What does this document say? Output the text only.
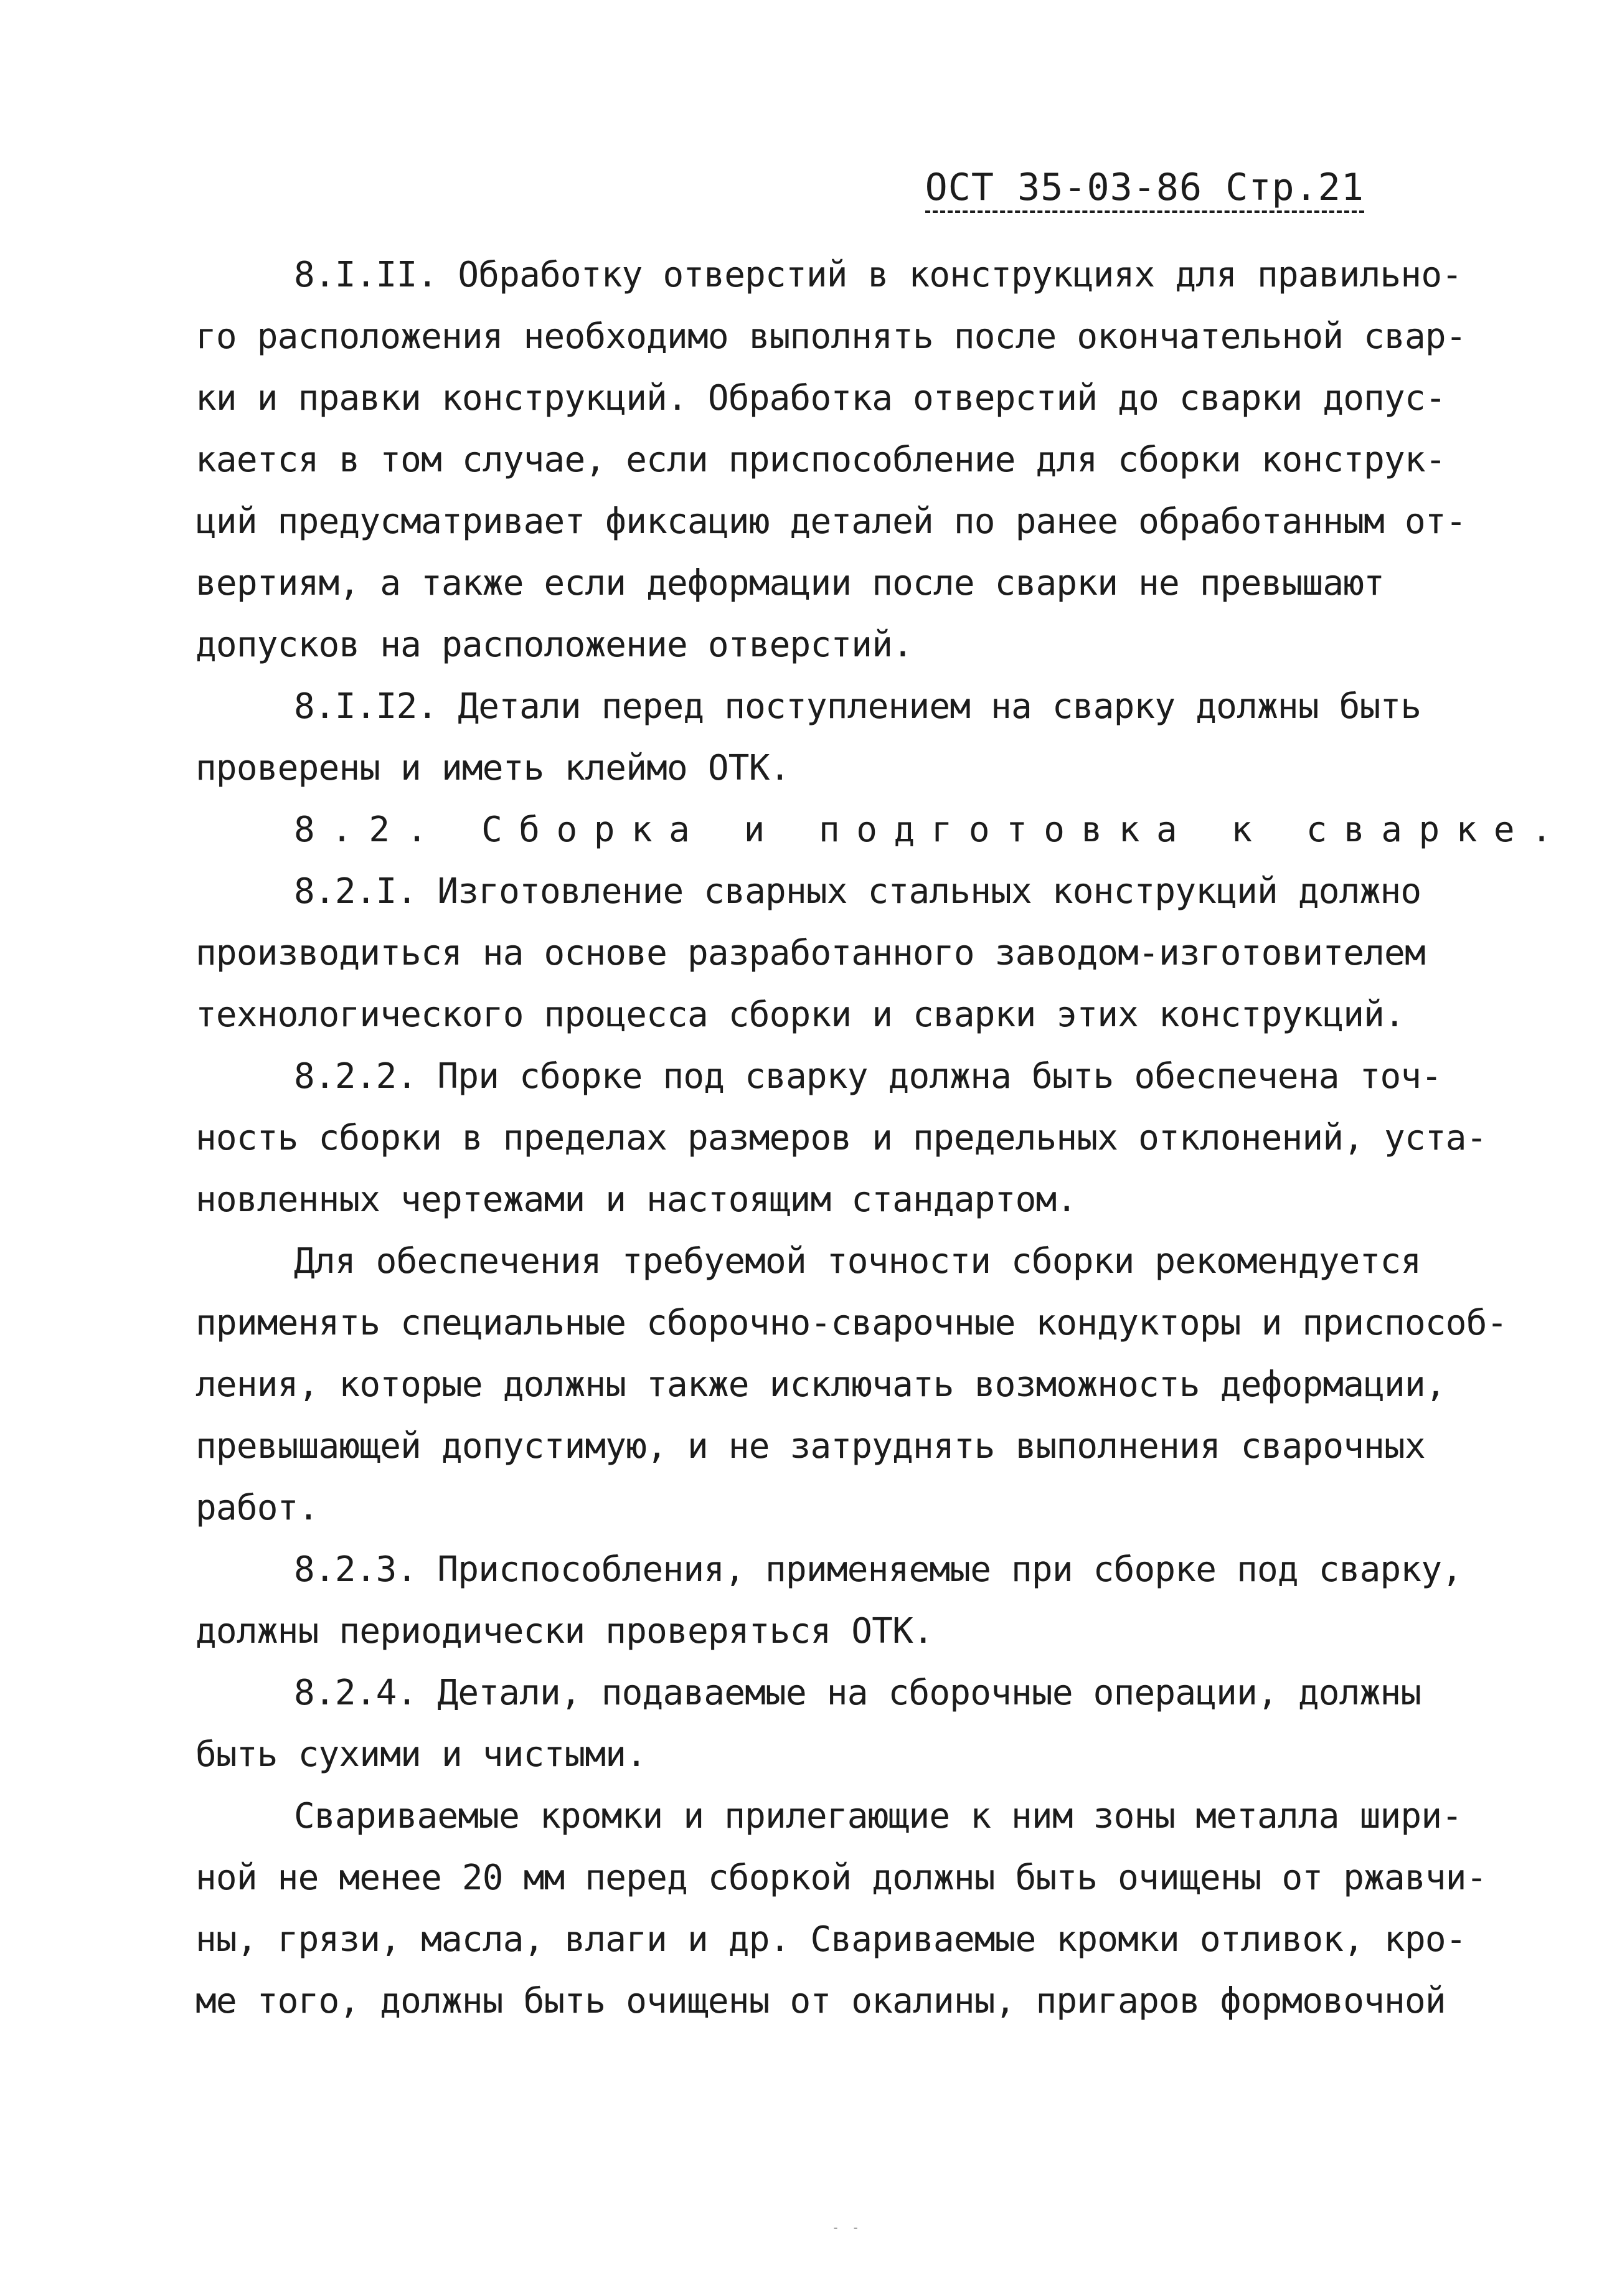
ОСТ 35-03-86 Стр.21
8.I.II. Обработку отверстий в конструкциях для правильно-
го расположения необходимо выполнять после окончательной свар-
ки и правки конструкций. Обработка отверстий до сварки допус-
кается в том случае, если приспособление для сборки конструк-
ций предусматривает фиксацию деталей по ранее обработанным от-
вертиям, а также если деформации после сварки не превышают
допусков на расположение отверстий.
8.I.I2. Детали перед поступлением на сварку должны быть
проверены и иметь клеймо ОТК.
8.2. Сборка и подготовка к сварке.
8.2.I. Изготовление сварных стальных конструкций должно
производиться на основе разработанного заводом-изготовителем
технологического процесса сборки и сварки этих конструкций.
8.2.2. При сборке под сварку должна быть обеспечена точ-
ность сборки в пределах размеров и предельных отклонений, уста-
новленных чертежами и настоящим стандартом.
Для обеспечения требуемой точности сборки рекомендуется
применять специальные сборочно-сварочные кондукторы и приспособ-
ления, которые должны также исключать возможность деформации,
превышающей допустимую, и не затруднять выполнения сварочных
работ.
8.2.3. Приспособления, применяемые при сборке под сварку,
должны периодически проверяться ОТК.
8.2.4. Детали, подаваемые на сборочные операции, должны
быть сухими и чистыми.
Свариваемые кромки и прилегающие к ним зоны металла шири-
ной не менее 20 мм перед сборкой должны быть очищены от ржавчи-
ны, грязи, масла, влаги и др. Свариваемые кромки отливок, кро-
ме того, должны быть очищены от окалины, пригаров формовочной
- -
